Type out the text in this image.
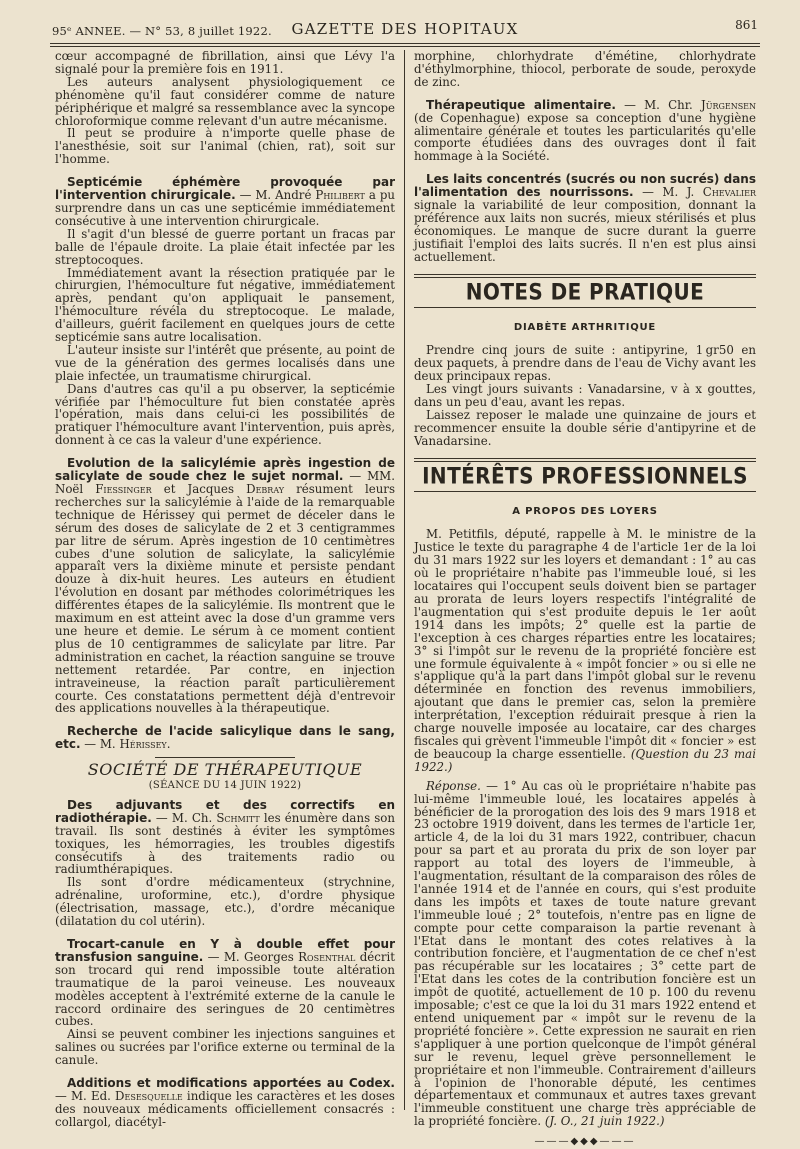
95ᵉ ANNEE. — N° 53, 8 juillet 1922.	GAZETTE DES HOPITAUX	861

cœur accompagné de fibrillation, ainsi que Lévy l'a signalé pour la première fois en 1911.

Les auteurs analysent physiologiquement ce phénomène qu'il faut considérer comme de nature périphérique et malgré sa ressemblance avec la syncope chloroformique comme relevant d'un autre mécanisme.

Il peut se produire à n'importe quelle phase de l'anesthésie, soit sur l'animal (chien, rat), soit sur l'homme.

Septicémie éphémère provoquée par l'intervention chirurgicale. — M. André Philibert a pu surprendre dans un cas une septicémie immédiatement consécutive à une intervention chirurgicale.

Il s'agit d'un blessé de guerre portant un fracas par balle de l'épaule droite. La plaie était infectée par les streptocoques.

Immédiatement avant la résection pratiquée par le chirurgien, l'hémoculture fut négative, immédiatement après, pendant qu'on appliquait le pansement, l'hémoculture révéla du streptocoque. Le malade, d'ailleurs, guérit facilement en quelques jours de cette septicémie sans autre localisation.

L'auteur insiste sur l'intérêt que présente, au point de vue de la génération des germes localisés dans une plaie infectée, un traumatisme chirurgical.

Dans d'autres cas qu'il a pu observer, la septicémie vérifiée par l'hémoculture fut bien constatée après l'opération, mais dans celui-ci les possibilités de pratiquer l'hémoculture avant l'intervention, puis après, donnent à ce cas la valeur d'une expérience.

Evolution de la salicylémie après ingestion de salicylate de soude chez le sujet normal. — MM. Noël Fiessinger et Jacques Debray résument leurs recherches sur la salicylémie à l'aide de la remarquable technique de Hérissey qui permet de déceler dans le sérum des doses de salicylate de 2 et 3 centigrammes par litre de sérum. Après ingestion de 10 centimètres cubes d'une solution de salicylate, la salicylémie apparaît vers la dixième minute et persiste pendant douze à dix-huit heures. Les auteurs en étudient l'évolution en dosant par méthodes colorimétriques les différentes étapes de la salicylémie. Ils montrent que le maximum en est atteint avec la dose d'un gramme vers une heure et demie. Le sérum à ce moment contient plus de 10 centigrammes de salicylate par litre. Par administration en cachet, la réaction sanguine se trouve nettement retardée. Par contre, en injection intraveineuse, la réaction paraît particulièrement courte. Ces constatations permettent déjà d'entrevoir des applications nouvelles à la thérapeutique.

Recherche de l'acide salicylique dans le sang, etc. — M. Hérissey.

SOCIÉTÉ DE THÉRAPEUTIQUE
(SÉANCE DU 14 JUIN 1922)

Des adjuvants et des correctifs en radiothérapie. — M. Ch. Schmitt les énumère dans son travail. Ils sont destinés à éviter les symptômes toxiques, les hémorragies, les troubles digestifs consécutifs à des traitements radio ou radiumthérapiques.

Ils sont d'ordre médicamenteux (strychnine, adrénaline, uroformine, etc.), d'ordre physique (électrisation, massage, etc.), d'ordre mécanique (dilatation du col utérin).

Trocart-canule en Y à double effet pour transfusion sanguine. — M. Georges Rosenthal décrit son trocard qui rend impossible toute altération traumatique de la paroi veineuse. Les nouveaux modèles acceptent à l'extrémité externe de la canule le raccord ordinaire des seringues de 20 centimètres cubes.

Ainsi se peuvent combiner les injections sanguines et salines ou sucrées par l'orifice externe ou terminal de la canule.

Additions et modifications apportées au Codex. — M. Ed. Desesquelle indique les caractères et les doses des nouveaux médicaments officiellement consacrés : collargol, diacétyl-

morphine, chlorhydrate d'émétine, chlorhydrate d'éthylmorphine, thiocol, perborate de soude, peroxyde de zinc.

Thérapeutique alimentaire. — M. Chr. Jürgensen (de Copenhague) expose sa conception d'une hygiène alimentaire générale et toutes les particularités qu'elle comporte étudiées dans des ouvrages dont il fait hommage à la Société.

Les laits concentrés (sucrés ou non sucrés) dans l'alimentation des nourrissons. — M. J. Chevalier signale la variabilité de leur composition, donnant la préférence aux laits non sucrés, mieux stérilisés et plus économiques. Le manque de sucre durant la guerre justifiait l'emploi des laits sucrés. Il n'en est plus ainsi actuellement.

NOTES DE PRATIQUE
DIABÈTE ARTHRITIQUE

Prendre cinq jours de suite : antipyrine, 1 gr50 en deux paquets, à prendre dans de l'eau de Vichy avant les deux principaux repas.

Les vingt jours suivants : Vanadarsine, v à x gouttes, dans un peu d'eau, avant les repas.

Laissez reposer le malade une quinzaine de jours et recommencer ensuite la double série d'antipyrine et de Vanadarsine.

INTÉRÊTS PROFESSIONNELS
A PROPOS DES LOYERS

M. Petitfils, député, rappelle à M. le ministre de la Justice le texte du paragraphe 4 de l'article 1er de la loi du 31 mars 1922 sur les loyers et demandant : 1° au cas où le propriétaire n'habite pas l'immeuble loué, si les locataires qui l'occupent seuls doivent bien se partager au prorata de leurs loyers respectifs l'intégralité de l'augmentation qui s'est produite depuis le 1er août 1914 dans les impôts; 2° quelle est la partie de l'exception à ces charges réparties entre les locataires; 3° si l'impôt sur le revenu de la propriété foncière est une formule équivalente à « impôt foncier » ou si elle ne s'applique qu'à la part dans l'impôt global sur le revenu déterminée en fonction des revenus immobiliers, ajoutant que dans le premier cas, selon la première interprétation, l'exception réduirait presque à rien la charge nouvelle imposée au locataire, car des charges fiscales qui grèvent l'immeuble l'impôt dit « foncier » est de beaucoup la charge essentielle. (Question du 23 mai 1922.)

Réponse. — 1° Au cas où le propriétaire n'habite pas lui-même l'immeuble loué, les locataires appelés à bénéficier de la prorogation des lois des 9 mars 1918 et 23 octobre 1919 doivent, dans les termes de l'article 1er, article 4, de la loi du 31 mars 1922, contribuer, chacun pour sa part et au prorata du prix de son loyer par rapport au total des loyers de l'immeuble, à l'augmentation, résultant de la comparaison des rôles de l'année 1914 et de l'année en cours, qui s'est produite dans les impôts et taxes de toute nature grevant l'immeuble loué ; 2° toutefois, n'entre pas en ligne de compte pour cette comparaison la partie revenant à l'Etat dans le montant des cotes relatives à la contribution foncière, et l'augmentation de ce chef n'est pas récupérable sur les locataires ; 3° cette part de l'Etat dans les cotes de la contribution foncière est un impôt de quotité, actuellement de 10 p. 100 du revenu imposable; c'est ce que la loi du 31 mars 1922 entend et entend uniquement par « impôt sur le revenu de la propriété foncière ». Cette expression ne saurait en rien s'appliquer à une portion quelconque de l'impôt général sur le revenu, lequel grève personnellement le propriétaire et non l'immeuble. Contrairement d'ailleurs à l'opinion de l'honorable député, les centimes départementaux et communaux et autres taxes grevant l'immeuble constituent une charge très appréciable de la propriété foncière. (J. O., 21 juin 1922.)

———◆◆◆———
